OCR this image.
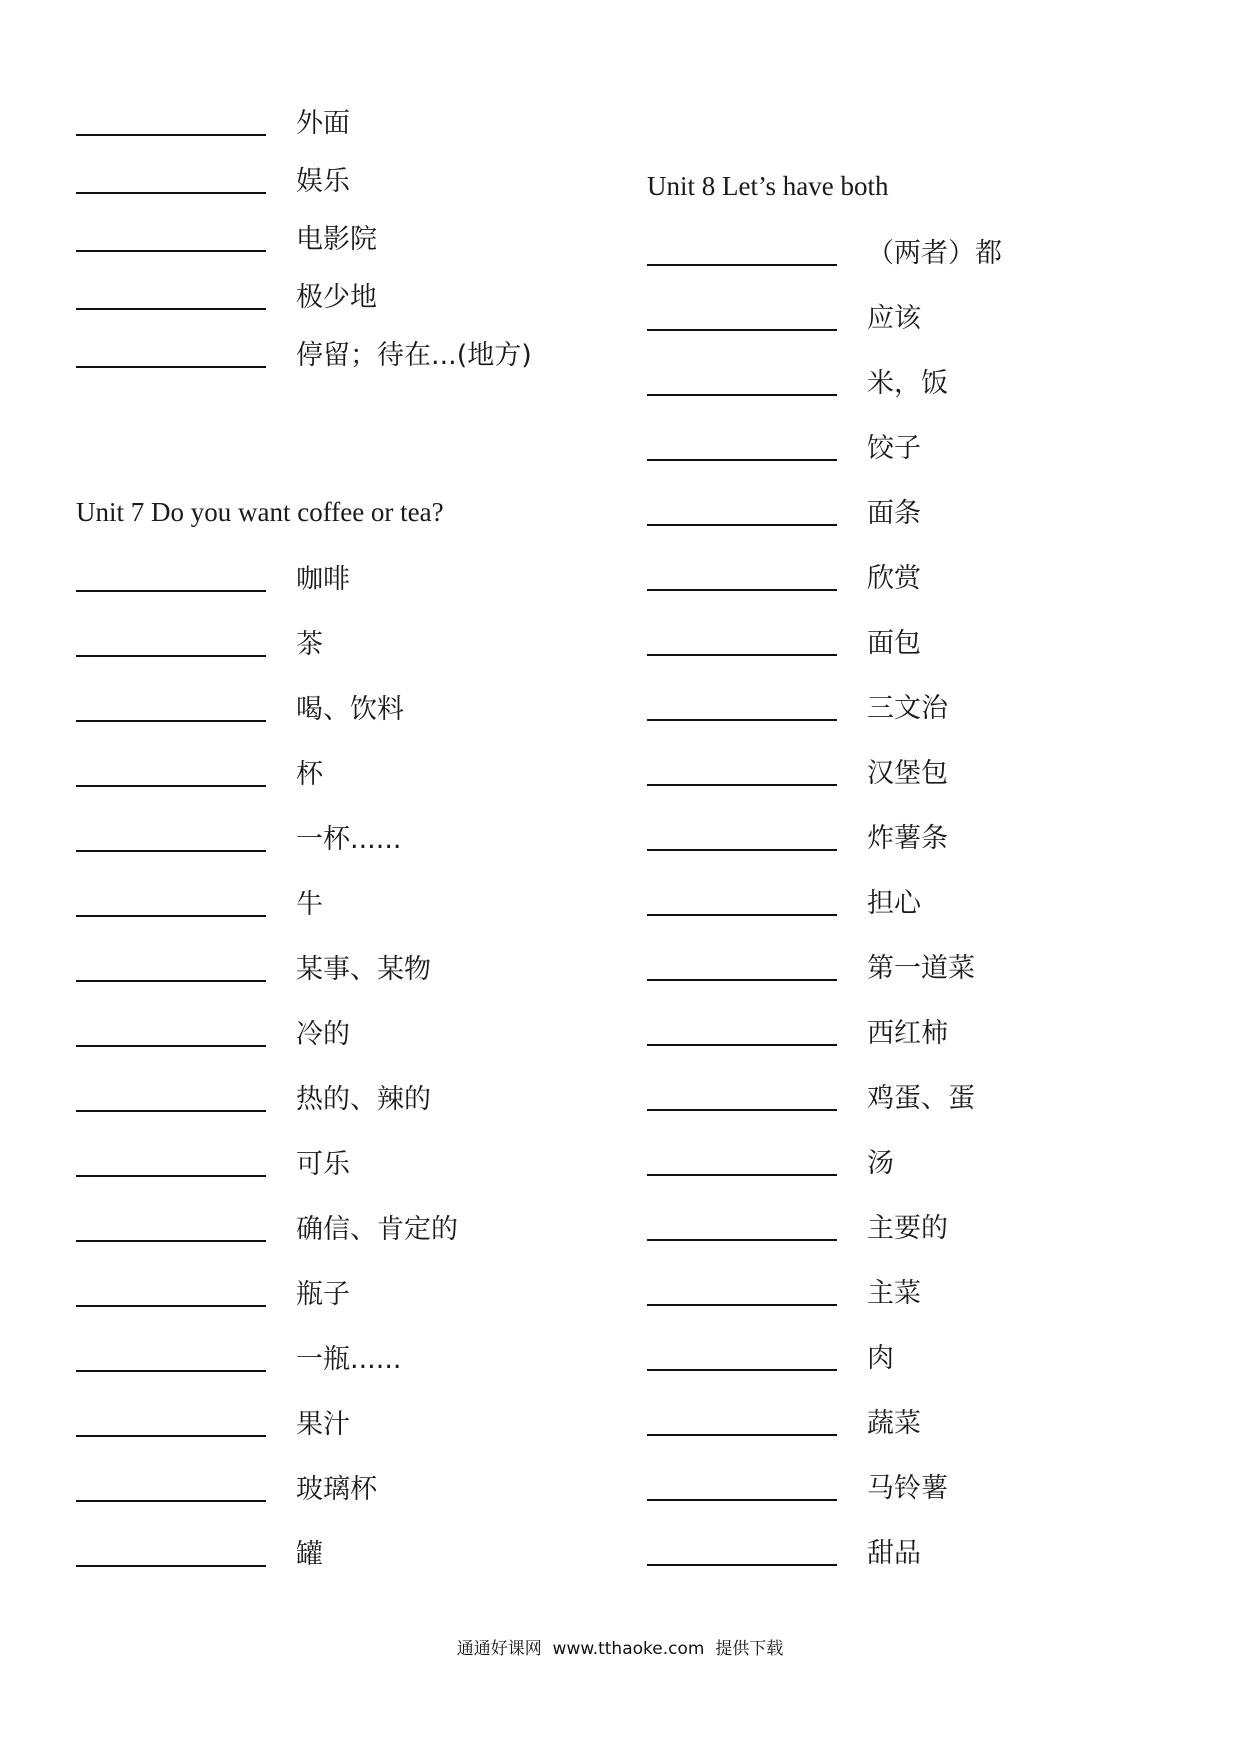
外面
娱乐
电影院
极少地
停留；待在...(地方)
Unit 7 Do you want coffee or tea?
咖啡
茶
喝、饮料
杯
一杯......
牛
某事、某物
冷的
热的、辣的
可乐
确信、肯定的
瓶子
一瓶......
果汁
玻璃杯
罐
Unit 8 Let’s have both
（两者）都
应该
米，饭
饺子
面条
欣赏
面包
三文治
汉堡包
炸薯条
担心
第一道菜
西红柿
鸡蛋、蛋
汤
主要的
主菜
肉
蔬菜
马铃薯
甜品
通通好课网  www.tthaoke.com  提供下载
